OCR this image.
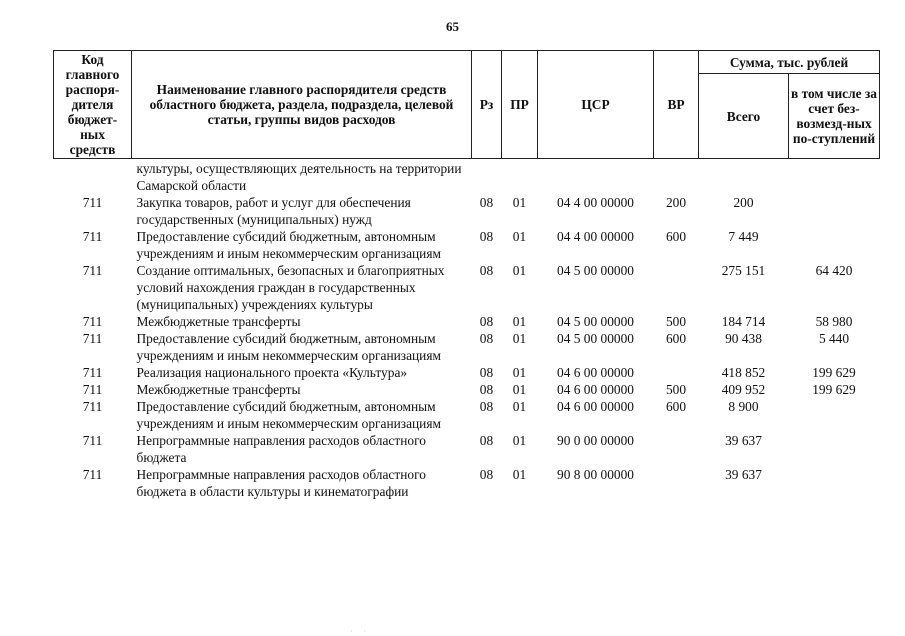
65
Код главного распоря-дителя бюджет-ных средств	Наименование главного распорядителя средств областного бюджета, раздела, подраздела, целевой статьи, группы видов расходов	Рз	ПР	ЦСР	ВР	Сумма, тыс. рублей	
						Всего	в том числе за счет без-возмезд-ных по-ступлений
	культуры, осуществляющих деятельность на территории Самарской области						
711	Закупка товаров, работ и услуг для обеспечения государственных (муниципальных) нужд	08	01	04 4 00 00000	200	200	
711	Предоставление субсидий бюджетным, автономным учреждениям и иным некоммерческим организациям	08	01	04 4 00 00000	600	7 449	
711	Создание оптимальных, безопасных и благоприятных условий нахождения граждан в государственных (муниципальных) учреждениях культуры	08	01	04 5 00 00000		275 151	64 420
711	Межбюджетные трансферты	08	01	04 5 00 00000	500	184 714	58 980
711	Предоставление субсидий бюджетным, автономным учреждениям и иным некоммерческим организациям	08	01	04 5 00 00000	600	90 438	5 440
711	Реализация национального проекта «Культура»	08	01	04 6 00 00000		418 852	199 629
711	Межбюджетные трансферты	08	01	04 6 00 00000	500	409 952	199 629
711	Предоставление субсидий бюджетным, автономным учреждениям и иным некоммерческим организациям	08	01	04 6 00 00000	600	8 900	
711	Непрограммные направления расходов областного бюджета	08	01	90 0 00 00000		39 637	
711	Непрограммные направления расходов областного бюджета в области культуры и кинематографии	08	01	90 8 00 00000		39 637	
· ·
